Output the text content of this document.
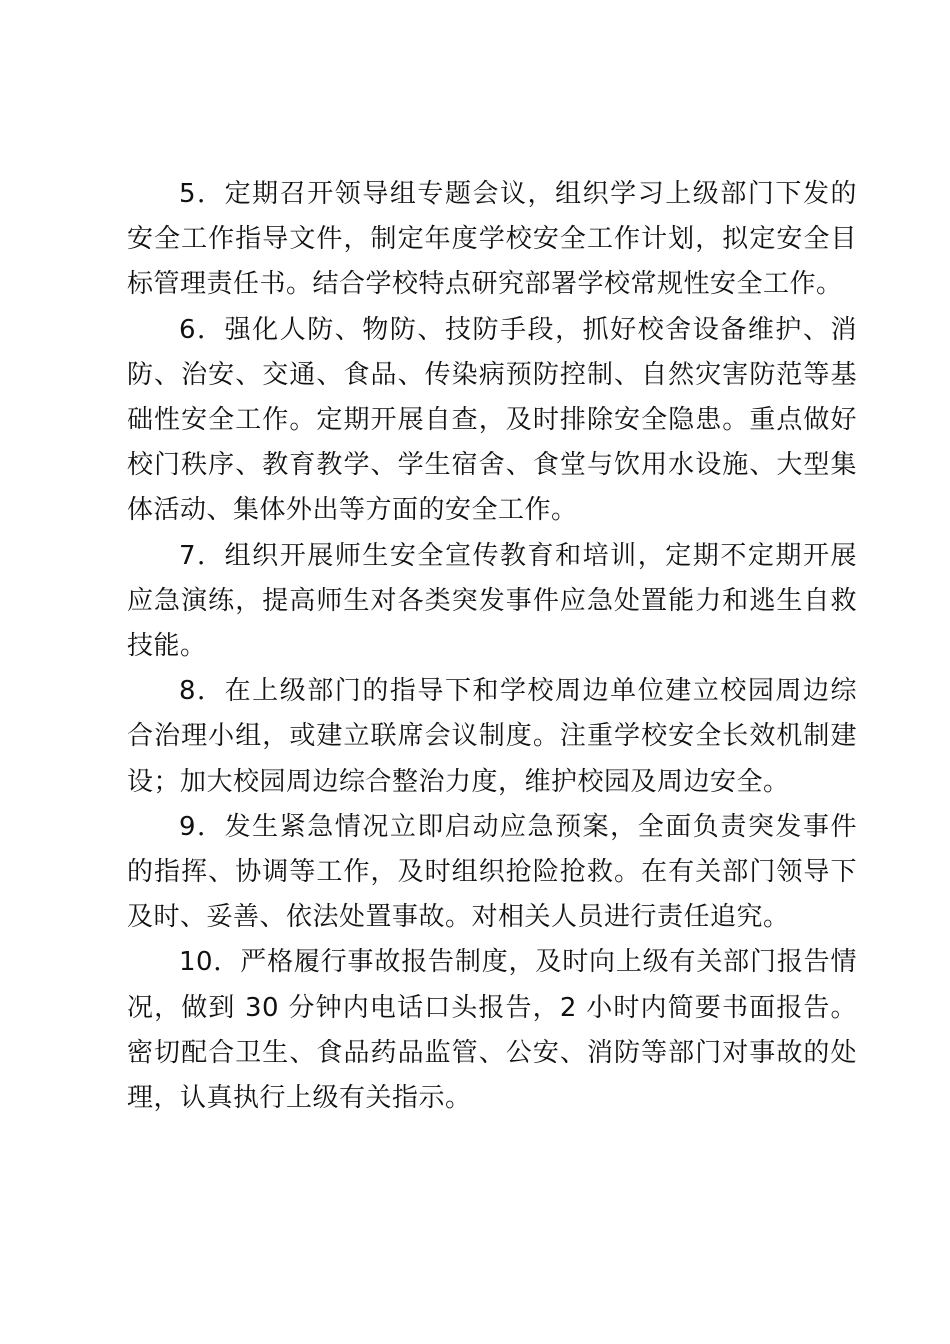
5．定期召开领导组专题会议，组织学习上级部门下发的安全工作指导文件，制定年度学校安全工作计划，拟定安全目标管理责任书。结合学校特点研究部署学校常规性安全工作。

6．强化人防、物防、技防手段，抓好校舍设备维护、消防、治安、交通、食品、传染病预防控制、自然灾害防范等基础性安全工作。定期开展自查，及时排除安全隐患。重点做好校门秩序、教育教学、学生宿舍、食堂与饮用水设施、大型集体活动、集体外出等方面的安全工作。

7．组织开展师生安全宣传教育和培训，定期不定期开展应急演练，提高师生对各类突发事件应急处置能力和逃生自救技能。

8．在上级部门的指导下和学校周边单位建立校园周边综合治理小组，或建立联席会议制度。注重学校安全长效机制建设；加大校园周边综合整治力度，维护校园及周边安全。

9．发生紧急情况立即启动应急预案，全面负责突发事件的指挥、协调等工作，及时组织抢险抢救。在有关部门领导下及时、妥善、依法处置事故。对相关人员进行责任追究。

10．严格履行事故报告制度，及时向上级有关部门报告情况，做到 30 分钟内电话口头报告，2 小时内简要书面报告。密切配合卫生、食品药品监管、公安、消防等部门对事故的处理，认真执行上级有关指示。
